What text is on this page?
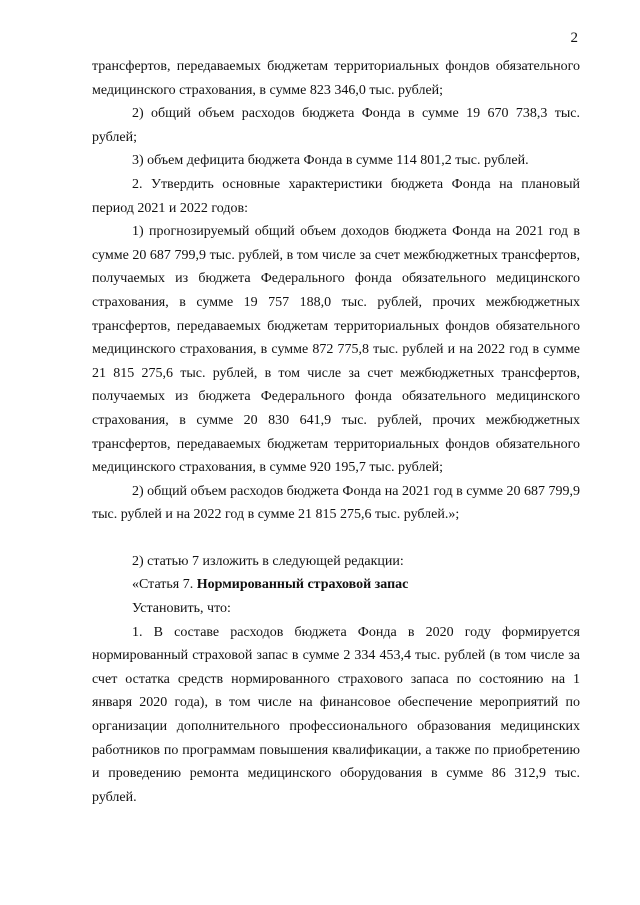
2

трансфертов, передаваемых бюджетам территориальных фондов обязательного медицинского страхования, в сумме 823 346,0 тыс. рублей;

2) общий объем расходов бюджета Фонда в сумме 19 670 738,3 тыс. рублей;

3) объем дефицита бюджета Фонда в сумме 114 801,2 тыс. рублей.

2. Утвердить основные характеристики бюджета Фонда на плановый период 2021 и 2022 годов:

1) прогнозируемый общий объем доходов бюджета Фонда на 2021 год в сумме 20 687 799,9 тыс. рублей, в том числе за счет межбюджетных трансфертов, получаемых из бюджета Федерального фонда обязательного медицинского страхования, в сумме 19 757 188,0 тыс. рублей, прочих межбюджетных трансфертов, передаваемых бюджетам территориальных фондов обязательного медицинского страхования, в сумме 872 775,8 тыс. рублей и на 2022 год в сумме 21 815 275,6 тыс. рублей, в том числе за счет межбюджетных трансфертов, получаемых из бюджета Федерального фонда обязательного медицинского страхования, в сумме 20 830 641,9 тыс. рублей, прочих межбюджетных трансфертов, передаваемых бюджетам территориальных фондов обязательного медицинского страхования, в сумме 920 195,7 тыс. рублей;

2) общий объем расходов бюджета Фонда на 2021 год в сумме 20 687 799,9 тыс. рублей и на 2022 год в сумме 21 815 275,6 тыс. рублей.»;

2) статью 7 изложить в следующей редакции:

«Статья 7. Нормированный страховой запас

Установить, что:

1. В составе расходов бюджета Фонда в 2020 году формируется нормированный страховой запас в сумме 2 334 453,4 тыс. рублей (в том числе за счет остатка средств нормированного страхового запаса по состоянию на 1 января 2020 года), в том числе на финансовое обеспечение мероприятий по организации дополнительного профессионального образования медицинских работников по программам повышения квалификации, а также по приобретению и проведению ремонта медицинского оборудования в сумме 86 312,9 тыс. рублей.
